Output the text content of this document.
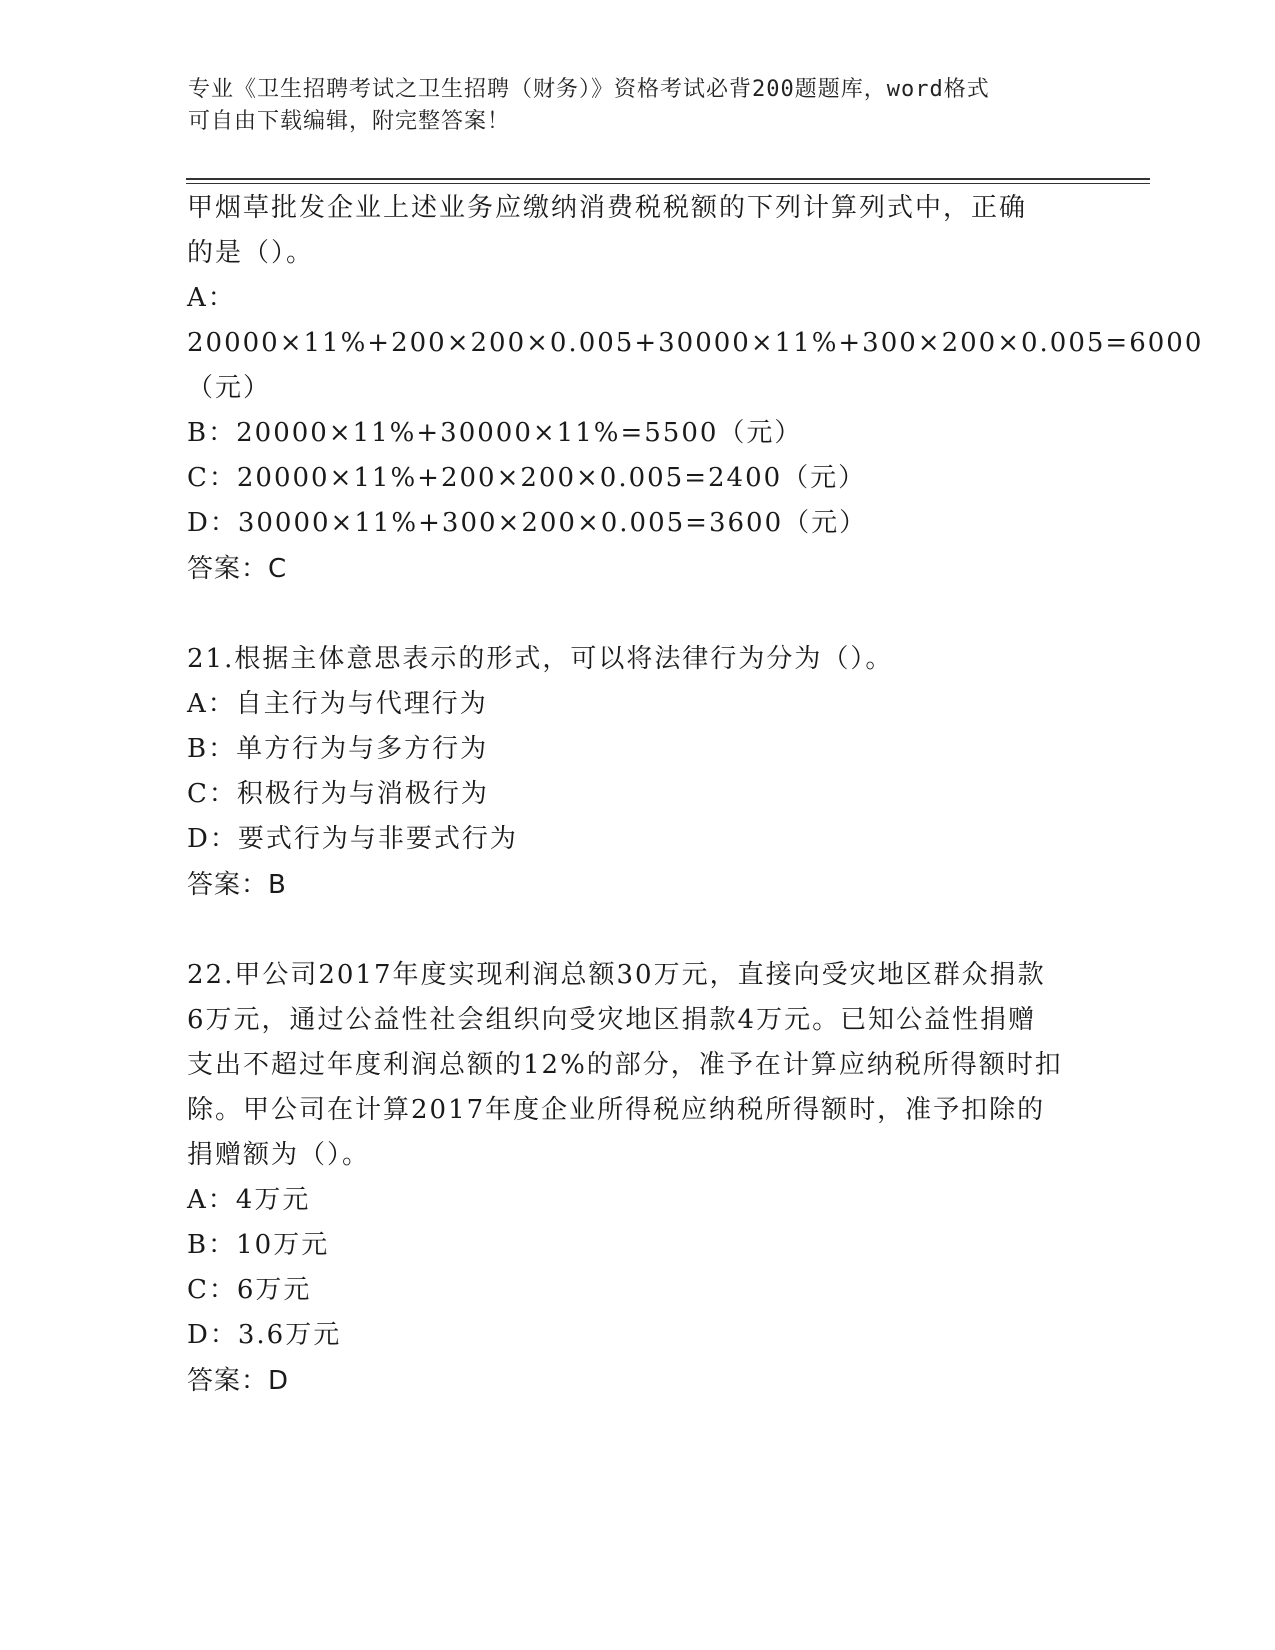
专业《卫生招聘考试之卫生招聘（财务）》资格考试必背200题题库，word格式
可自由下载编辑，附完整答案！

甲烟草批发企业上述业务应缴纳消费税税额的下列计算列式中，正确

的是（）。

A：20000×11%+200×200×0.005+30000×11%+300×200×0.005=6000

（元）

B：20000×11%+30000×11%=5500（元）

C：20000×11%+200×200×0.005=2400（元）

D：30000×11%+300×200×0.005=3600（元）

答案：C

21.根据主体意思表示的形式，可以将法律行为分为（）。

A：自主行为与代理行为

B：单方行为与多方行为

C：积极行为与消极行为

D：要式行为与非要式行为

答案：B

22.甲公司2017年度实现利润总额30万元，直接向受灾地区群众捐款

6万元，通过公益性社会组织向受灾地区捐款4万元。已知公益性捐赠

支出不超过年度利润总额的12%的部分，准予在计算应纳税所得额时扣

除。甲公司在计算2017年度企业所得税应纳税所得额时，准予扣除的

捐赠额为（）。

A：4万元

B：10万元

C：6万元

D：3.6万元

答案：D
